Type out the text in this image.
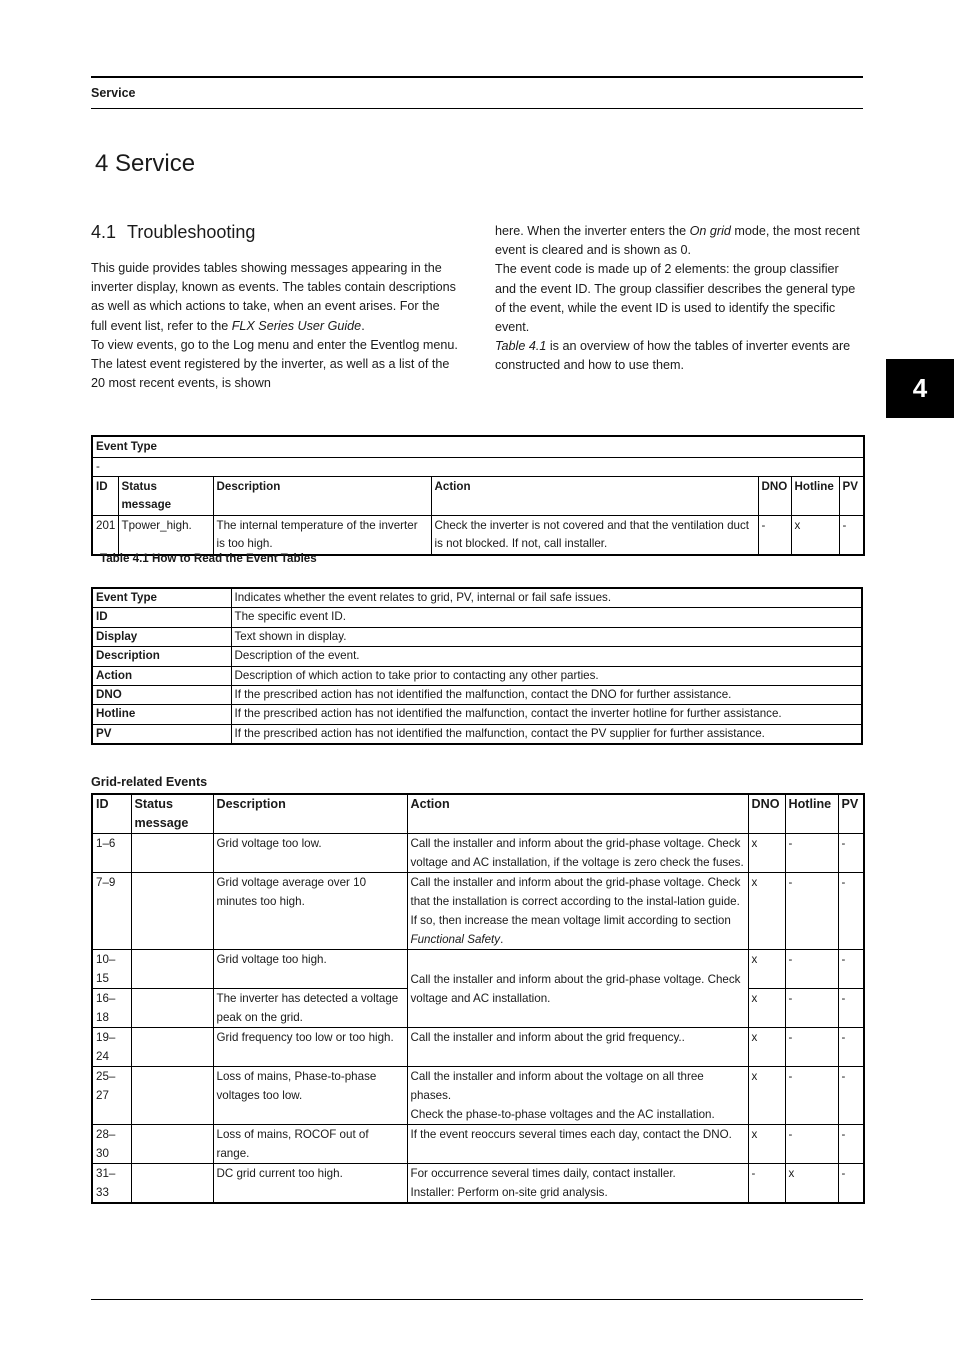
Service
4 Service
4
4.1 Troubleshooting

This guide provides tables showing messages appearing in the inverter display, known as events. The tables contain descriptions as well as which actions to take, when an event arises. For the full event list, refer to the FLX Series User Guide.

To view events, go to the Log menu and enter the Eventlog menu. The latest event registered by the inverter, as well as a list of the 20 most recent events, is shown

here. When the inverter enters the On grid mode, the most recent event is cleared and is shown as 0.

The event code is made up of 2 elements: the group classifier and the event ID. The group classifier describes the general type of the event, while the event ID is used to identify the specific event.

Table 4.1 is an overview of how the tables of inverter events are constructed and how to use them.

Event Type						
-						
ID	Status message	Description	Action	DNO	Hotline	PV
201	Tpower_high.	The internal temperature of the inverter is too high.	Check the inverter is not covered and that the ventilation duct is not blocked. If not, call installer.	-	x	-
Table 4.1 How to Read the Event Tables
Event Type	Indicates whether the event relates to grid, PV, internal or fail safe issues.
ID	The specific event ID.
Display	Text shown in display.
Description	Description of the event.
Action	Description of which action to take prior to contacting any other parties.
DNO	If the prescribed action has not identified the malfunction, contact the DNO for further assistance.
Hotline	If the prescribed action has not identified the malfunction, contact the inverter hotline for further assistance.
PV	If the prescribed action has not identified the malfunction, contact the PV supplier for further assistance.
Grid-related Events
ID	Status message	Description	Action	DNO	Hotline	PV
1–6		Grid voltage too low.	Call the installer and inform about the grid-phase voltage. Check voltage and AC installation, if the voltage is zero check the fuses.	x	-	-
7–9		Grid voltage average over 10 minutes too high.	Call the installer and inform about the grid-phase voltage. Check that the installation is correct according to the instal-lation guide. If so, then increase the mean voltage limit according to section Functional Safety.	x	-	-
10–15		Grid voltage too high.	Call the installer and inform about the grid-phase voltage. Check voltage and AC installation.	x	-	-
16–18		The inverter has detected a voltage peak on the grid.		x	-	-
19–24		Grid frequency too low or too high.	Call the installer and inform about the grid frequency..	x	-	-
25–27		Loss of mains, Phase-to-phase voltages too low.	Call the installer and inform about the voltage on all three phases.
Check the phase-to-phase voltages and the AC installation.	x	-	-
28–30		Loss of mains, ROCOF out of range.	If the event reoccurs several times each day, contact the DNO.	x	-	-
31–33		DC grid current too high.	For occurrence several times daily, contact installer.
Installer: Perform on-site grid analysis.	-	x	-
